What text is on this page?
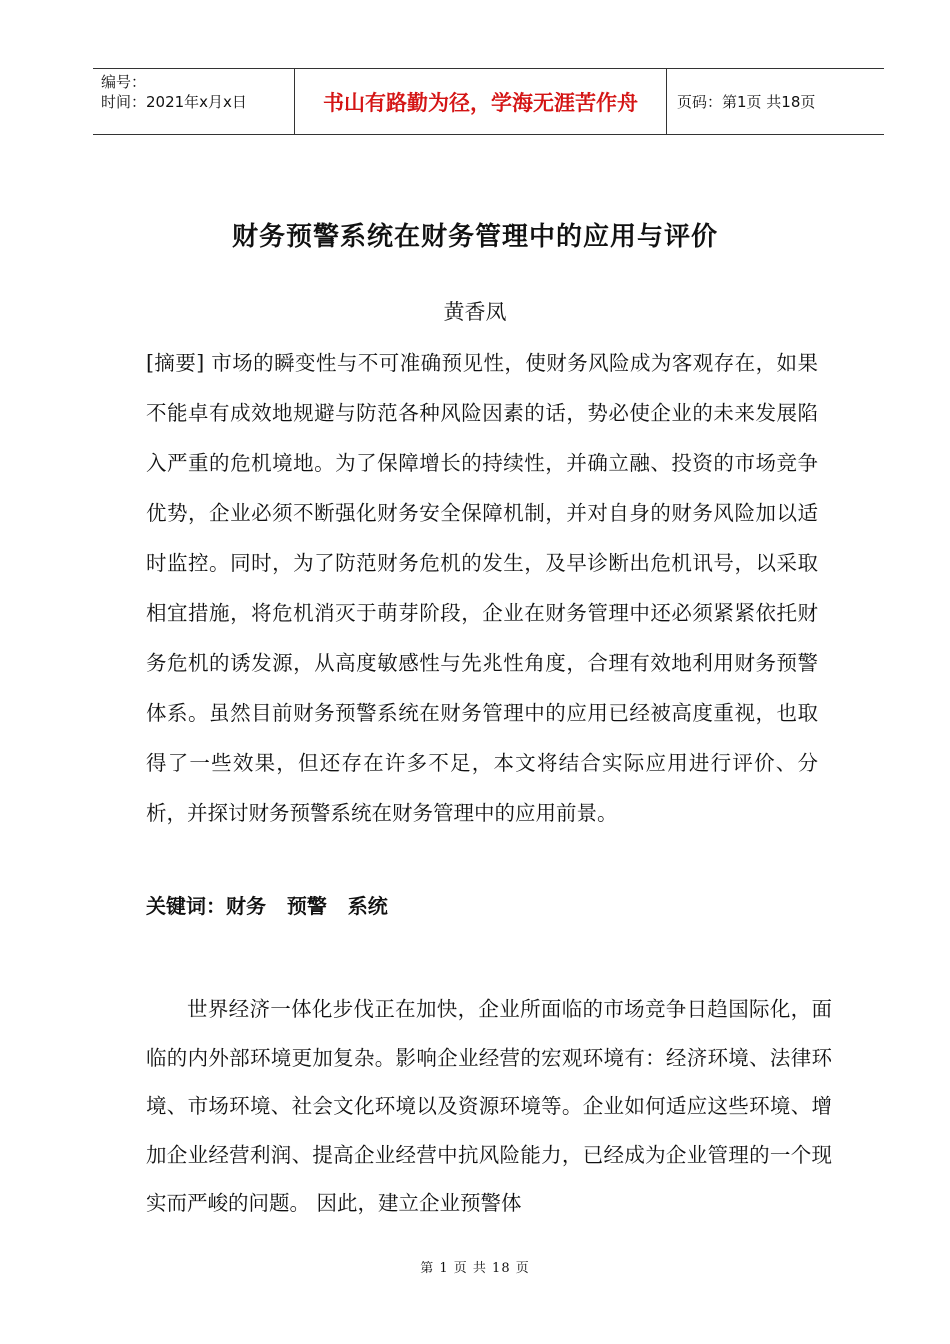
编号：
时间：2021年x月x日	书山有路勤为径，学海无涯苦作舟	页码：第1页 共18页
财务预警系统在财务管理中的应用与评价
黄香凤

[摘要] 市场的瞬变性与不可准确预见性，使财务风险成为客观存在，如果不能卓有成效地规避与防范各种风险因素的话，势必使企业的未来发展陷入严重的危机境地。为了保障增长的持续性，并确立融、投资的市场竞争优势，企业必须不断强化财务安全保障机制，并对自身的财务风险加以适时监控。同时，为了防范财务危机的发生，及早诊断出危机讯号，以采取相宜措施，将危机消灭于萌芽阶段，企业在财务管理中还必须紧紧依托财务危机的诱发源，从高度敏感性与先兆性角度，合理有效地利用财务预警体系。虽然目前财务预警系统在财务管理中的应用已经被高度重视，也取得了一些效果，但还存在许多不足，本文将结合实际应用进行评价、分析，并探讨财务预警系统在财务管理中的应用前景。

关键词：财务   预警   系统

世界经济一体化步伐正在加快，企业所面临的市场竞争日趋国际化，面临的内外部环境更加复杂。影响企业经营的宏观环境有：经济环境、法律环境、市场环境、社会文化环境以及资源环境等。企业如何适应这些环境、增加企业经营利润、提高企业经营中抗风险能力，已经成为企业管理的一个现实而严峻的问题。 因此，建立企业预警体

第 1 页 共 18 页
